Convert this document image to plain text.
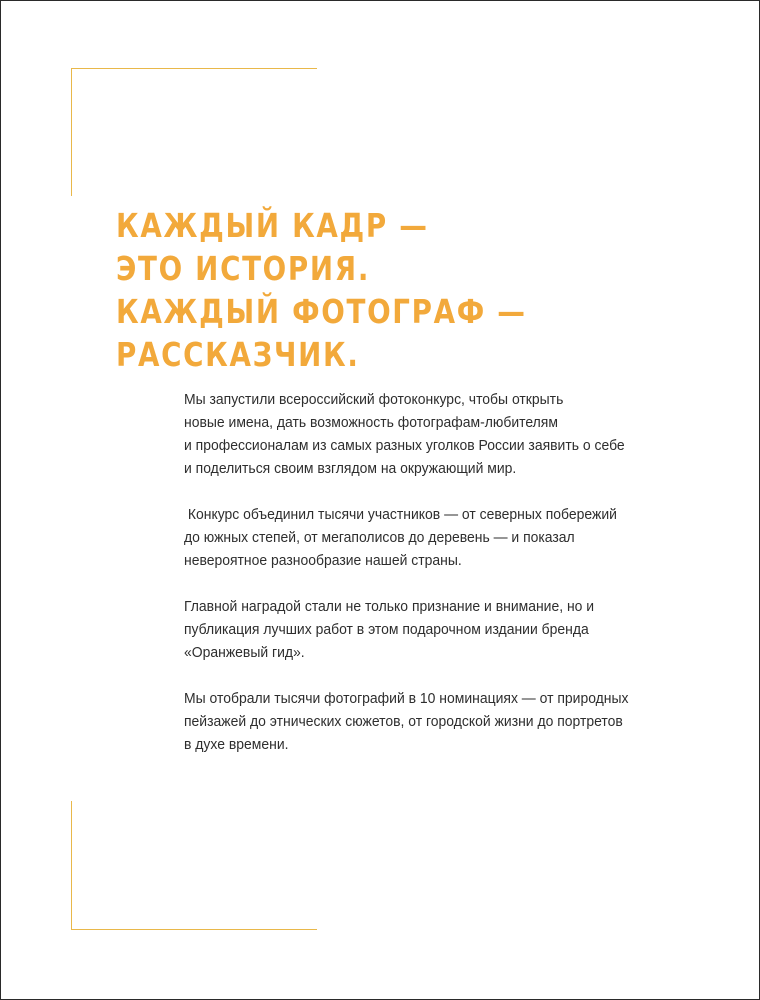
КАЖДЫЙ КАДР —
ЭТО ИСТОРИЯ.
КАЖДЫЙ ФОТОГРАФ —
РАССКАЗЧИК.

Мы запустили всероссийский фотоконкурс, чтобы открыть
новые имена, дать возможность фотографам-любителям
и профессионалам из самых разных уголков России заявить о себе
и поделиться своим взглядом на окружающий мир.

Конкурс объединил тысячи участников — от северных побережий
до южных степей, от мегаполисов до деревень — и показал
невероятное разнообразие нашей страны.

Главной наградой стали не только признание и внимание, но и
публикация лучших работ в этом подарочном издании бренда
«Оранжевый гид».

Мы отобрали тысячи фотографий в 10 номинациях — от природных
пейзажей до этнических сюжетов, от городской жизни до портретов
в духе времени.
